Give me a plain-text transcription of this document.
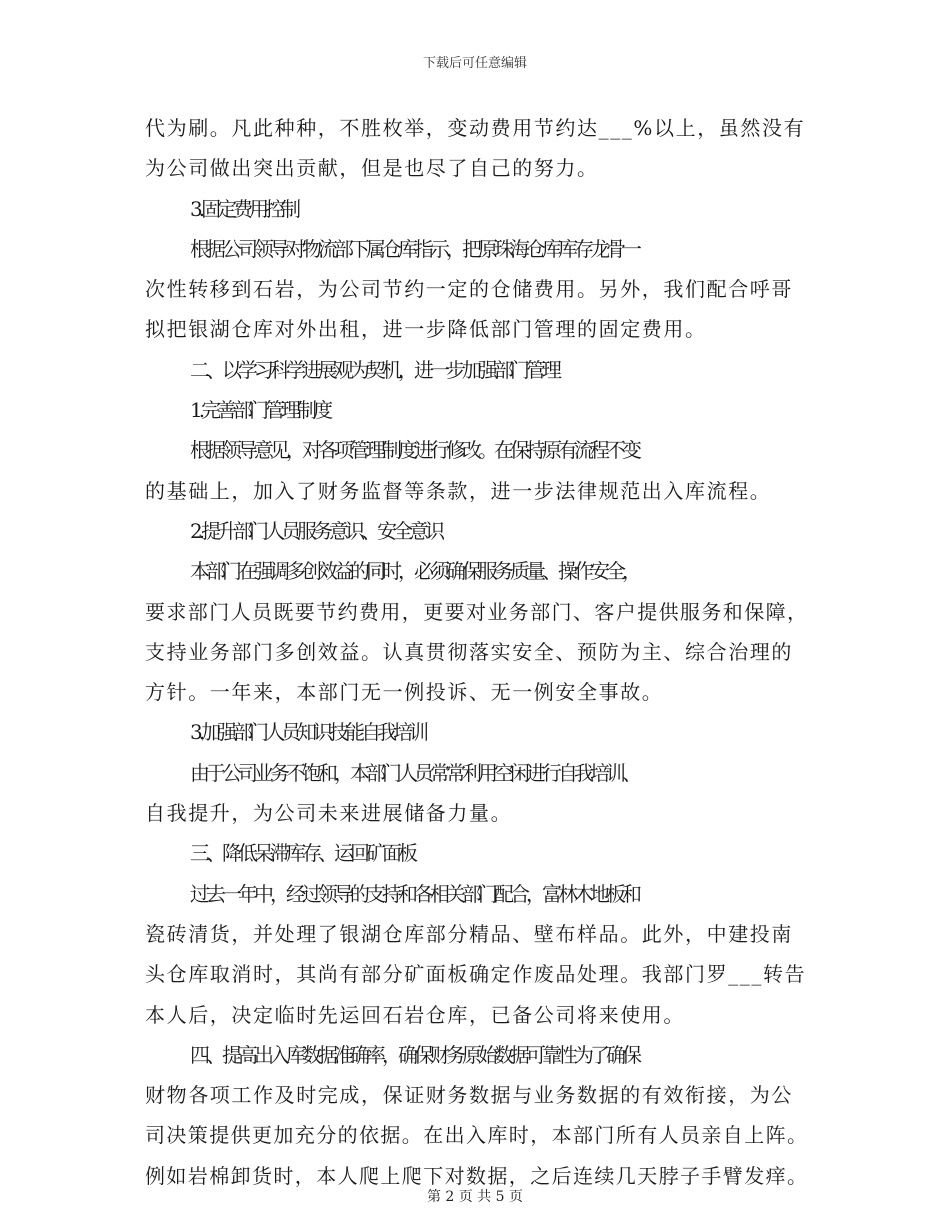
下载后可任意编辑
代为刷。凡此种种，不胜枚举，变动费用节约达___%以上，虽然没有
为公司做出突出贡献，但是也尽了自己的努力。
3.固定费用控制
根据公司领导对物流部下属仓库指示，把原珠海仓库库存龙骨一
次性转移到石岩，为公司节约一定的仓储费用。另外，我们配合呼哥
拟把银湖仓库对外出租，进一步降低部门管理的固定费用。
二、以学习科学进展观为契机，进一步加强部门管理
1.完善部门管理制度
根据领导意见，对各项管理制度进行修改。在保持原有流程不变
的基础上，加入了财务监督等条款，进一步法律规范出入库流程。
2.提升部门人员服务意识、安全意识
本部门在强调多创效益的同时，必须确保服务质量、操作安全，
要求部门人员既要节约费用，更要对业务部门、客户提供服务和保障，
支持业务部门多创效益。认真贯彻落实安全、预防为主、综合治理的
方针。一年来，本部门无一例投诉、无一例安全事故。
3.加强部门人员知识技能自我培训
由于公司业务不饱和，本部门人员常常利用空闲进行自我培训、
自我提升，为公司未来进展储备力量。
三、降低呆滞库存、运回矿面板
过去一年中，经过领导的支持和各相关部门配合，富林木地板和
瓷砖清货，并处理了银湖仓库部分精品、壁布样品。此外，中建投南
头仓库取消时，其尚有部分矿面板确定作废品处理。我部门罗___转告
本人后，决定临时先运回石岩仓库，已备公司将来使用。
四、提高出入库数据准确率，确保财务原始数据可靠性为了确保
财物各项工作及时完成，保证财务数据与业务数据的有效衔接，为公
司决策提供更加充分的依据。在出入库时，本部门所有人员亲自上阵。
例如岩棉卸货时，本人爬上爬下对数据，之后连续几天脖子手臂发痒。
第 2 页 共 5 页
